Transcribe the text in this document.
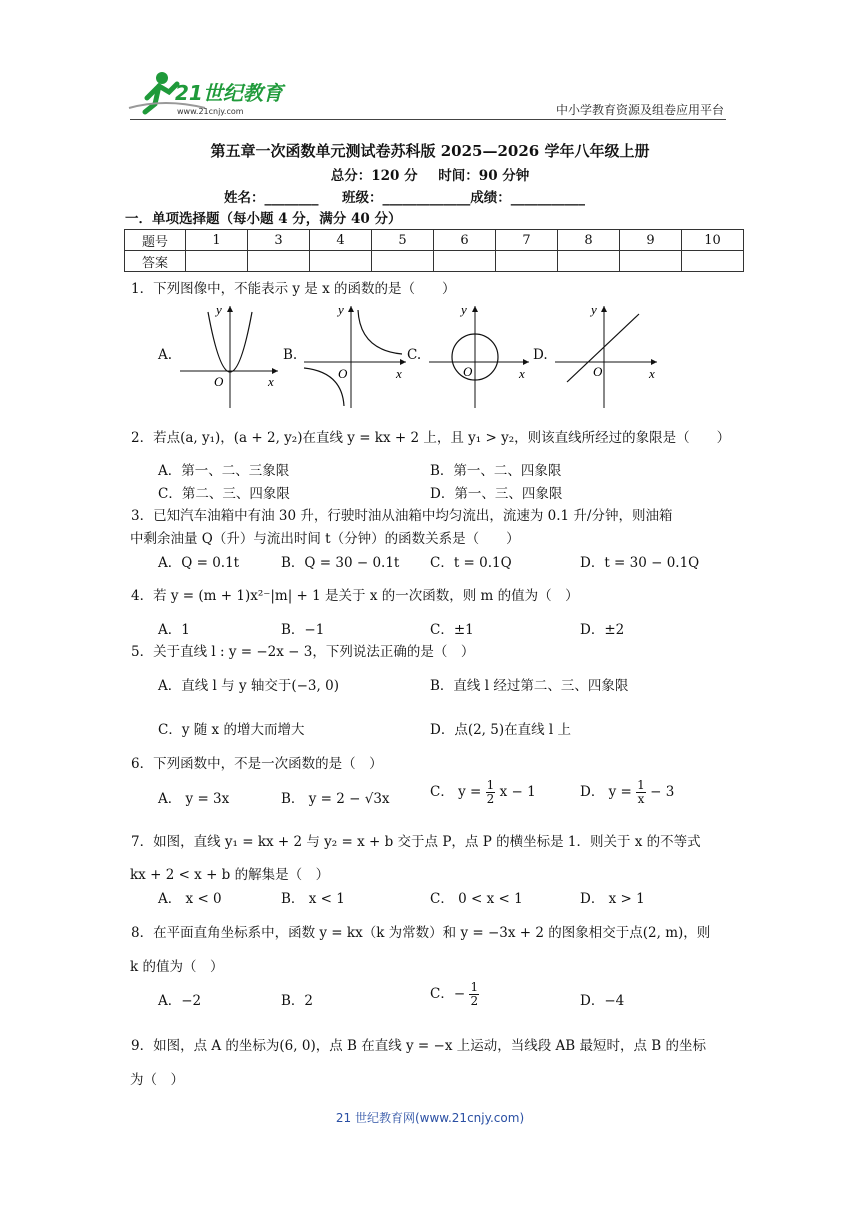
21世纪教育
www.21cnjy.com	中小学教育资源及组卷应用平台
第五章一次函数单元测试卷苏科版 2025—2026 学年八年级上册
总分：120 分 时间：90 分钟
姓名：________     班级：_____________成绩：___________
一．单项选择题（每小题 4 分，满分 40 分）
题号	1	3	4	5	6	7	8	9	10
答案									
1．下列图像中，不能表示 y 是 x 的函数的是（　　）
A.	B.	C.	D.
y
x
O
y
x
O
y
x
O
y
x
O
2．若点(a, y₁)，(a + 2, y₂)在直线 y = kx + 2 上，且 y₁ > y₂，则该直线所经过的象限是（　　）
A．第一、二、三象限	B．第一、二、四象限
C．第二、三、四象限	D．第一、三、四象限
3．已知汽车油箱中有油 30 升，行驶时油从油箱中均匀流出，流速为 0.1 升/分钟，则油箱
中剩余油量 Q（升）与流出时间 t（分钟）的函数关系是（　　）
A．Q = 0.1t	B．Q = 30 − 0.1t C．t = 0.1Q	D．t = 30 − 0.1Q
4．若 y = (m + 1)x²⁻|m| + 1 是关于 x 的一次函数，则 m 的值为（　）
A．1	B．−1	C．±1	D．±2
5．关于直线 l : y = −2x − 3，下列说法正确的是（　）
A．直线 l 与 y 轴交于(−3, 0)	B．直线 l 经过第二、三、四象限
C．y 随 x 的增大而增大	D．点(2, 5)在直线 l 上
6．下列函数中，不是一次函数的是（　）
A． y = 3x	B． y = 2 − √3x	C． $y = \frac{1}{2}$ x − 1	D． $y = \frac{1}{x} - 3$
7．如图，直线 y₁ = kx + 2 与 y₂ = x + b 交于点 P，点 P 的横坐标是 1．则关于 x 的不等式
kx + 2 < x + b 的解集是（　）
A． x < 0	B． x < 1	C． 0 < x < 1	D． x > 1
8．在平面直角坐标系中，函数 y = kx（k 为常数）和 y = −3x + 2 的图象相交于点(2, m)，则
k 的值为（　）
A．−2	B．2	C．− $\frac{1}{2}$	D．−4
9．如图，点 A 的坐标为(6, 0)，点 B 在直线 y = −x 上运动，当线段 AB 最短时，点 B 的坐标
为（　）
21 世纪教育网(www.21cnjy.com)
